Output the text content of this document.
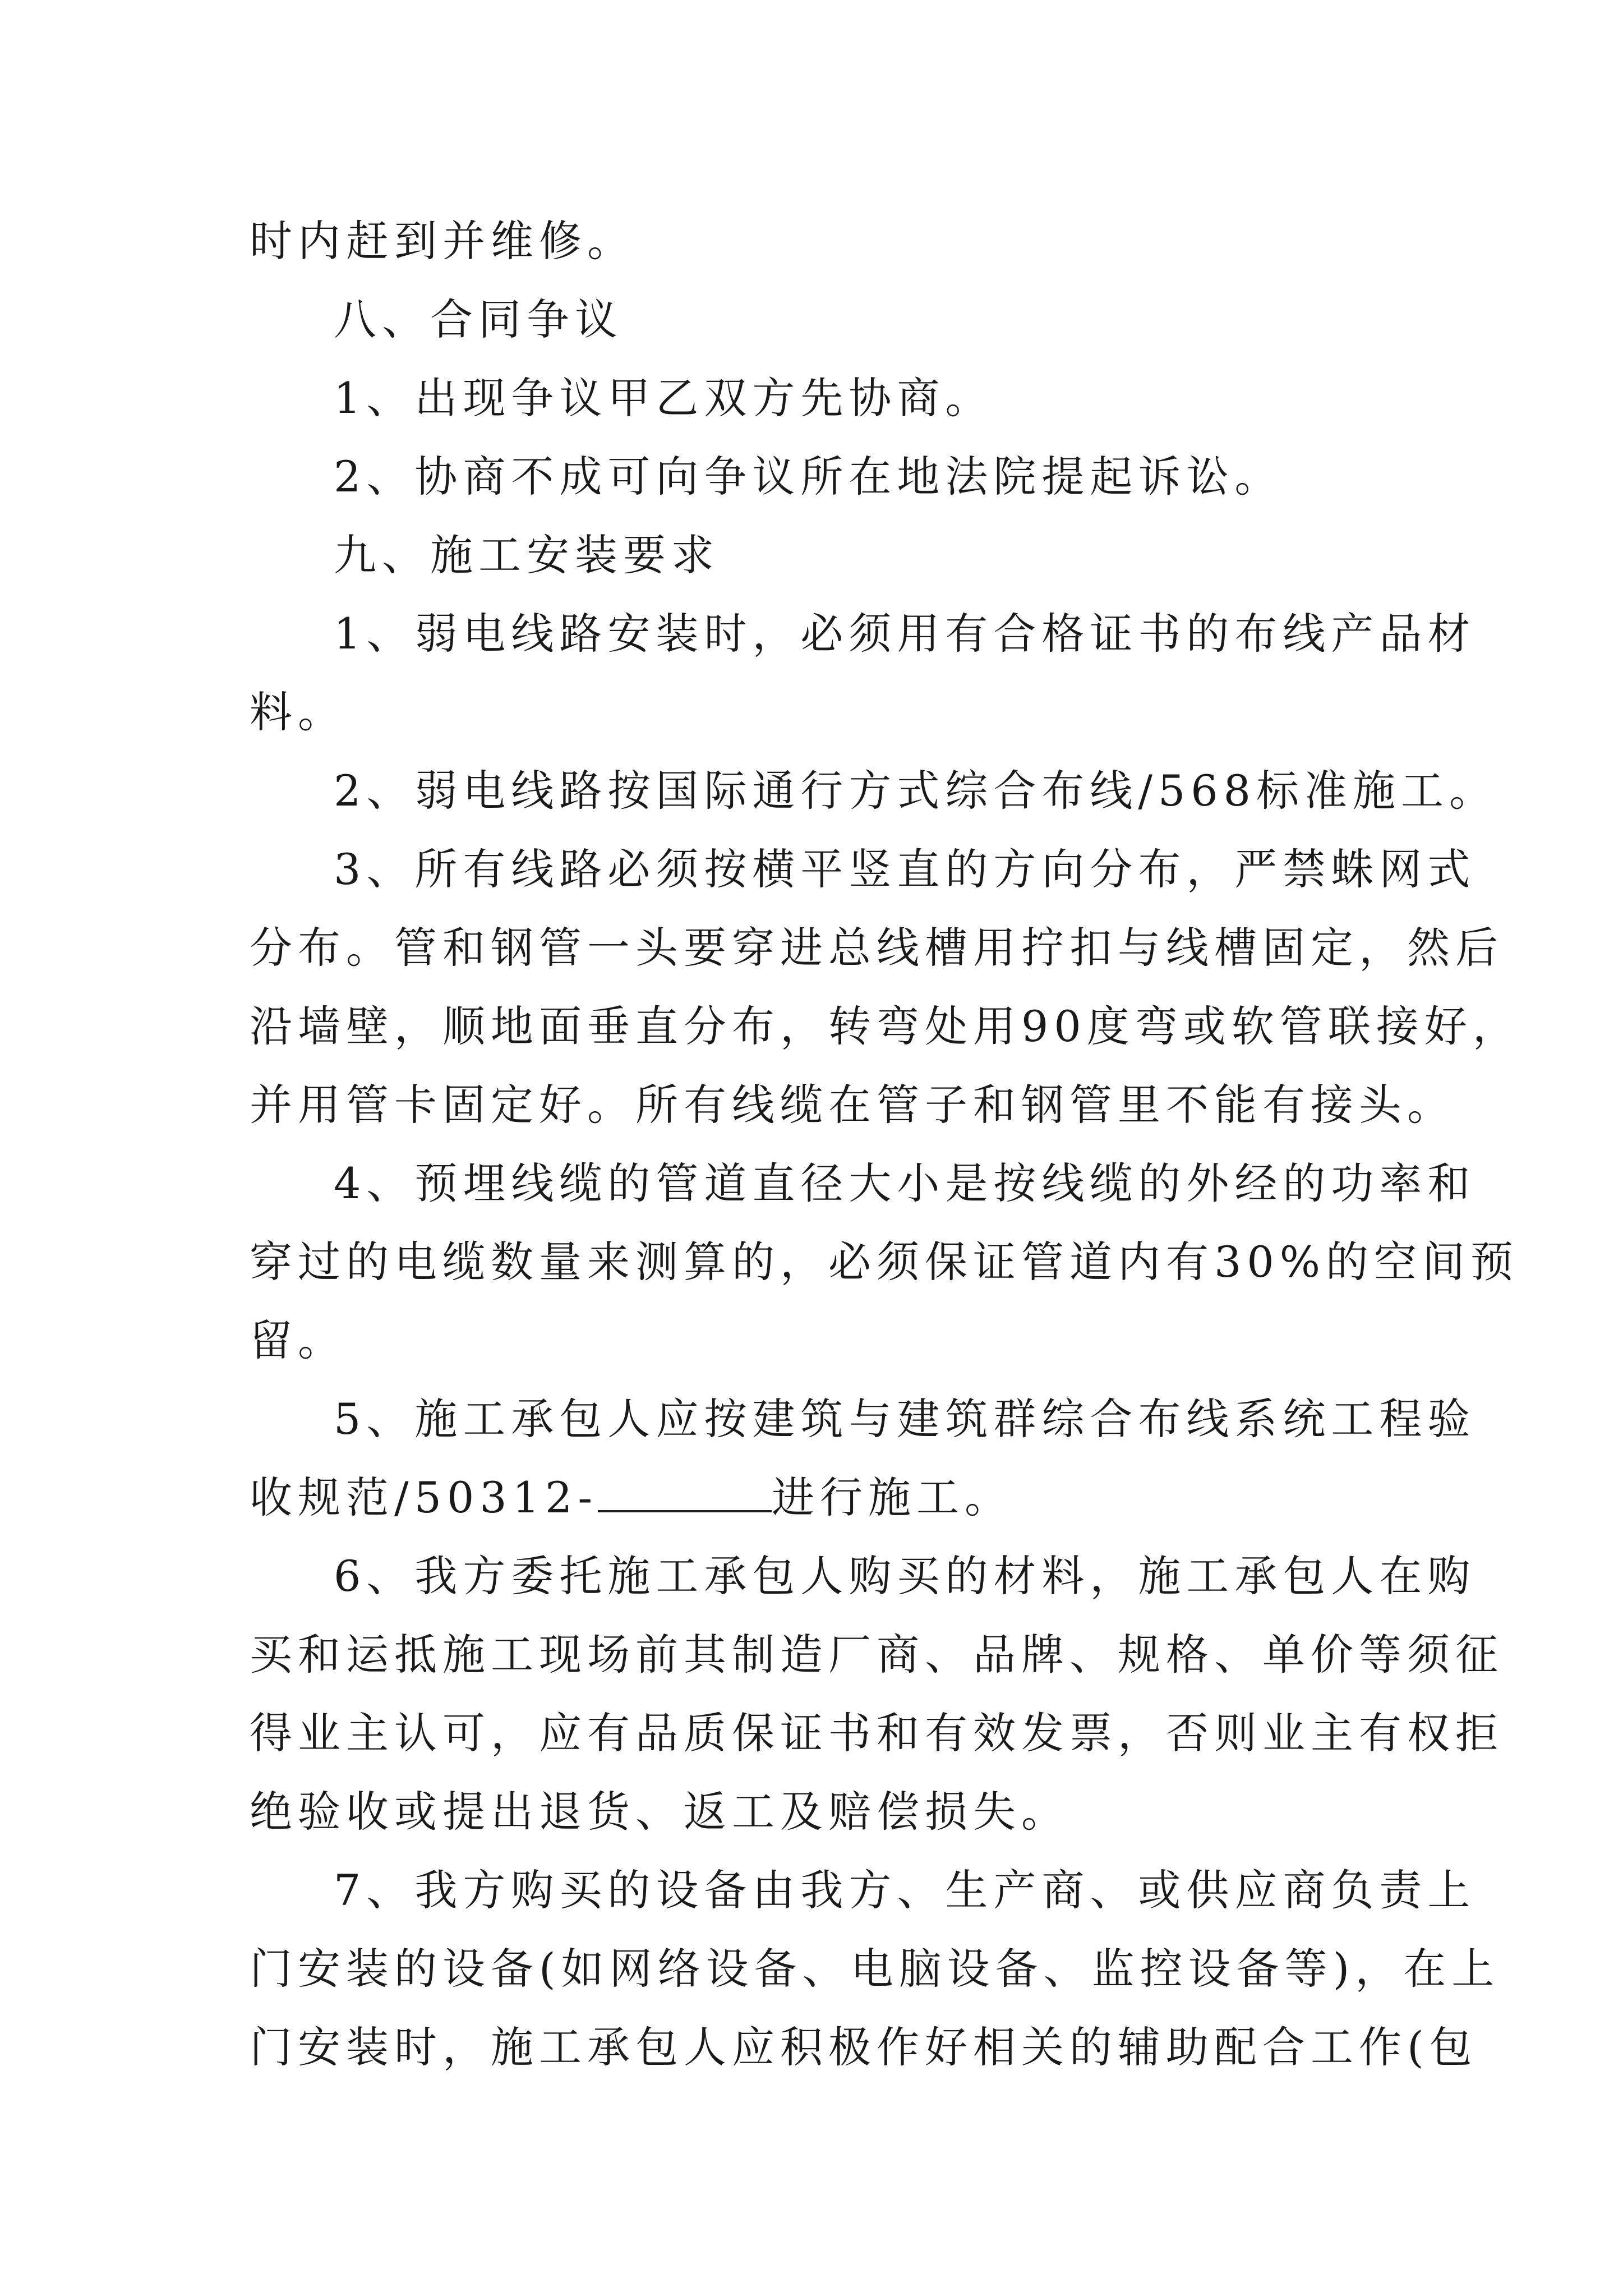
时内赶到并维修。
八、合同争议
1、出现争议甲乙双方先协商。
2、协商不成可向争议所在地法院提起诉讼。
九、施工安装要求
1、弱电线路安装时，必须用有合格证书的布线产品材
料。
2、弱电线路按国际通行方式综合布线/568标准施工。
3、所有线路必须按横平竖直的方向分布，严禁蛛网式
分布。管和钢管一头要穿进总线槽用拧扣与线槽固定，然后
沿墙壁，顺地面垂直分布，转弯处用90度弯或软管联接好，
并用管卡固定好。所有线缆在管子和钢管里不能有接头。
4、预埋线缆的管道直径大小是按线缆的外经的功率和
穿过的电缆数量来测算的，必须保证管道内有30%的空间预
留。
5、施工承包人应按建筑与建筑群综合布线系统工程验
收规范/50312-	进行施工。
6、我方委托施工承包人购买的材料，施工承包人在购
买和运抵施工现场前其制造厂商、品牌、规格、单价等须征
得业主认可，应有品质保证书和有效发票，否则业主有权拒
绝验收或提出退货、返工及赔偿损失。
7、我方购买的设备由我方、生产商、或供应商负责上
门安装的设备(如网络设备、电脑设备、监控设备等)，在上
门安装时，施工承包人应积极作好相关的辅助配合工作(包
